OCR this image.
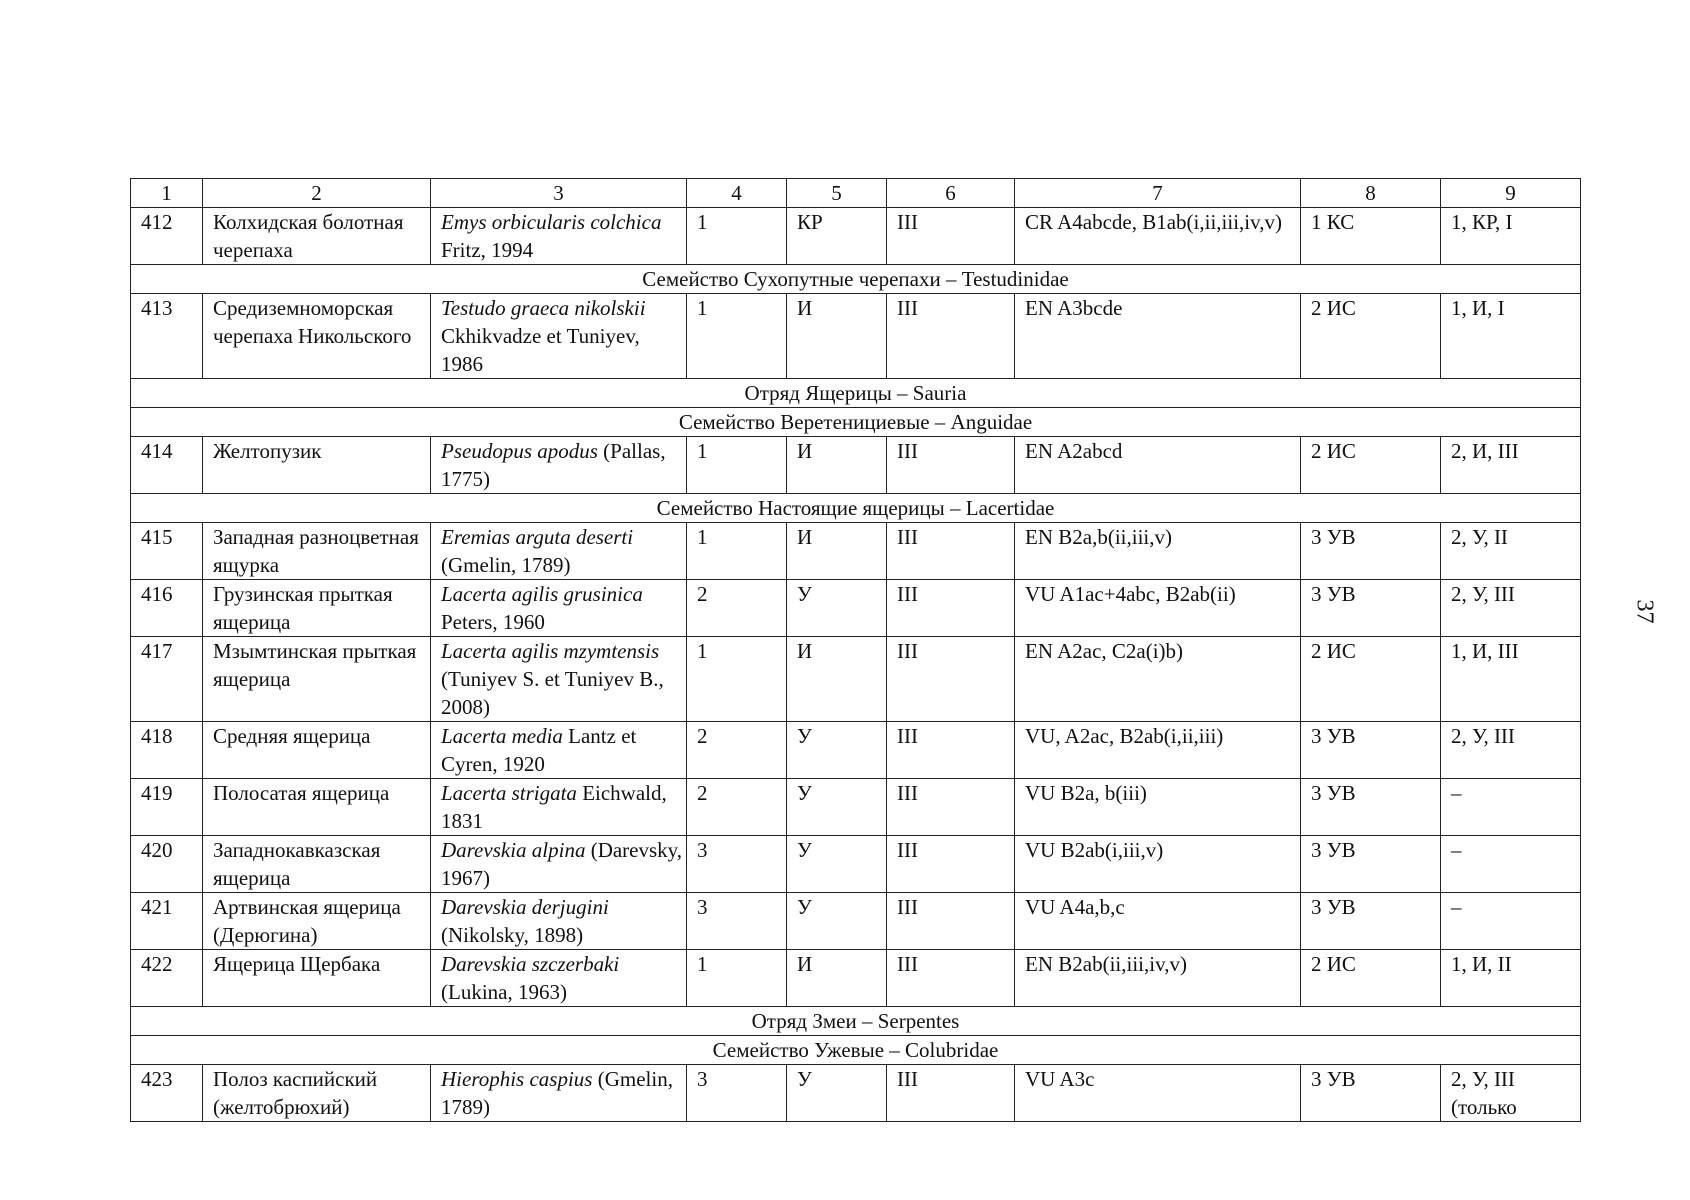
1	2	3	4	5	6	7	8	9
412	Колхидская болотная черепаха	Emys orbicularis colchica Fritz, 1994	1	КР	III	CR A4abcde, B1ab(i,ii,iii,iv,v)	1 КС	1, КР, I
Семейство Сухопутные черепахи – Testudinidae								
413	Средиземноморская черепаха Никольского	Testudo graeca nikolskii Ckhikvadze et Tuniyev, 1986	1	И	III	EN A3bcde	2 ИС	1, И, I
Отряд Ящерицы – Sauria								
Семейство Веретенициевые – Anguidae								
414	Желтопузик	Pseudopus apodus (Pallas, 1775)	1	И	III	EN A2abcd	2 ИС	2, И, III
Семейство Настоящие ящерицы – Lacertidae								
415	Западная разноцветная ящурка	Eremias arguta deserti (Gmelin, 1789)	1	И	III	EN B2a,b(ii,iii,v)	3 УВ	2, У, II
416	Грузинская прыткая ящерица	Lacerta agilis grusinica Peters, 1960	2	У	III	VU A1ac+4abc, B2ab(ii)	3 УВ	2, У, III
417	Мзымтинская прыткая ящерица	Lacerta agilis mzymtensis (Tuniyev S. et Tuniyev B., 2008)	1	И	III	EN A2ac, C2a(i)b)	2 ИС	1, И, III
418	Средняя ящерица	Lacerta media Lantz et Cyren, 1920	2	У	III	VU, A2ac, B2ab(i,ii,iii)	3 УВ	2, У, III
419	Полосатая ящерица	Lacerta strigata Eichwald, 1831	2	У	III	VU B2a, b(iii)	3 УВ	–
420	Западнокавказская ящерица	Darevskia alpina (Darevsky, 1967)	3	У	III	VU B2ab(i,iii,v)	3 УВ	–
421	Артвинская ящерица (Дерюгина)	Darevskia derjugini (Nikolsky, 1898)	3	У	III	VU A4a,b,c	3 УВ	–
422	Ящерица Щербака	Darevskia szczerbaki (Lukina, 1963)	1	И	III	EN B2ab(ii,iii,iv,v)	2 ИС	1, И, II
Отряд Змеи – Serpentes								
Семейство Ужевые – Colubridae								
423	Полоз каспийский (желтобрюхий)	Hierophis caspius (Gmelin, 1789)	3	У	III	VU A3c	3 УВ	2, У, III (только
37
